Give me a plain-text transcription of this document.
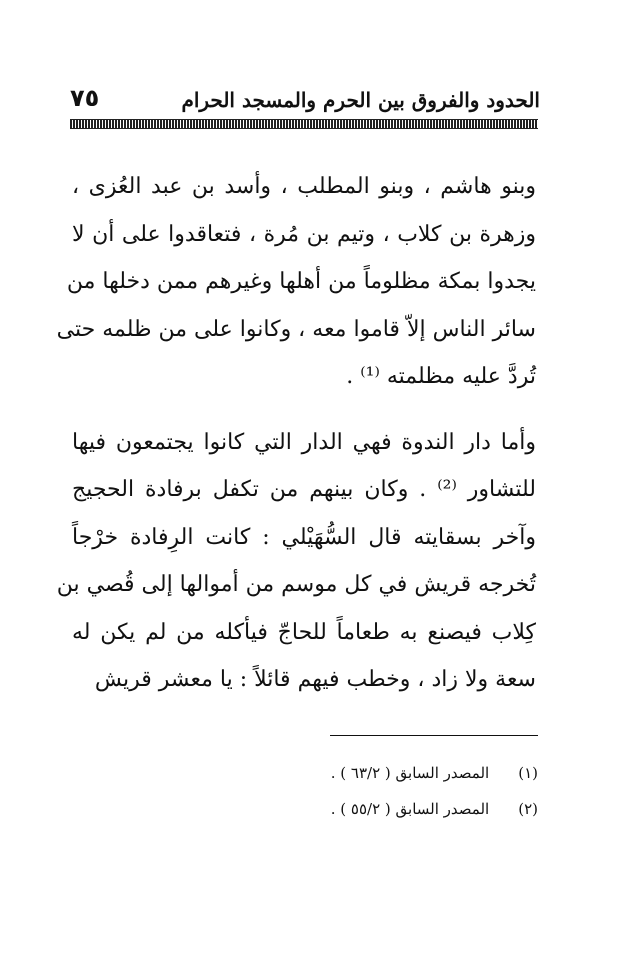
٧٥	الحدود والفروق بين الحرم والمسجد الحرام

وبنو هاشم ، وبنو المطلب ، وأسد بن عبد العُزى ،

وزهرة بن كلاب ، وتيم بن مُرة ، فتعاقدوا على أن لا

يجدوا بمكة مظلوماً من أهلها وغيرهم ممن دخلها من

سائر الناس إلاّ قاموا معه ، وكانوا على من ظلمه حتى

تُردَّ عليه مظلمته ⁽¹⁾ .

وأما دار الندوة فهي الدار التي كانوا يجتمعون فيها

للتشاور ⁽²⁾ . وكان بينهم من تكفل برفادة الحجيج

وآخر بسقايته قال السُّهَيْلي : كانت الرِفادة خرْجاً

تُخرجه قريش في كل موسم من أموالها إلى قُصي بن

كِلاب فيصنع به طعاماً للحاجّ فيأكله من لم يكن له

سعة ولا زاد ، وخطب فيهم قائلاً : يا معشر قريش

(١) المصدر السابق ( ٦٣/٢ ) .
(٢) المصدر السابق ( ٥٥/٢ ) .
